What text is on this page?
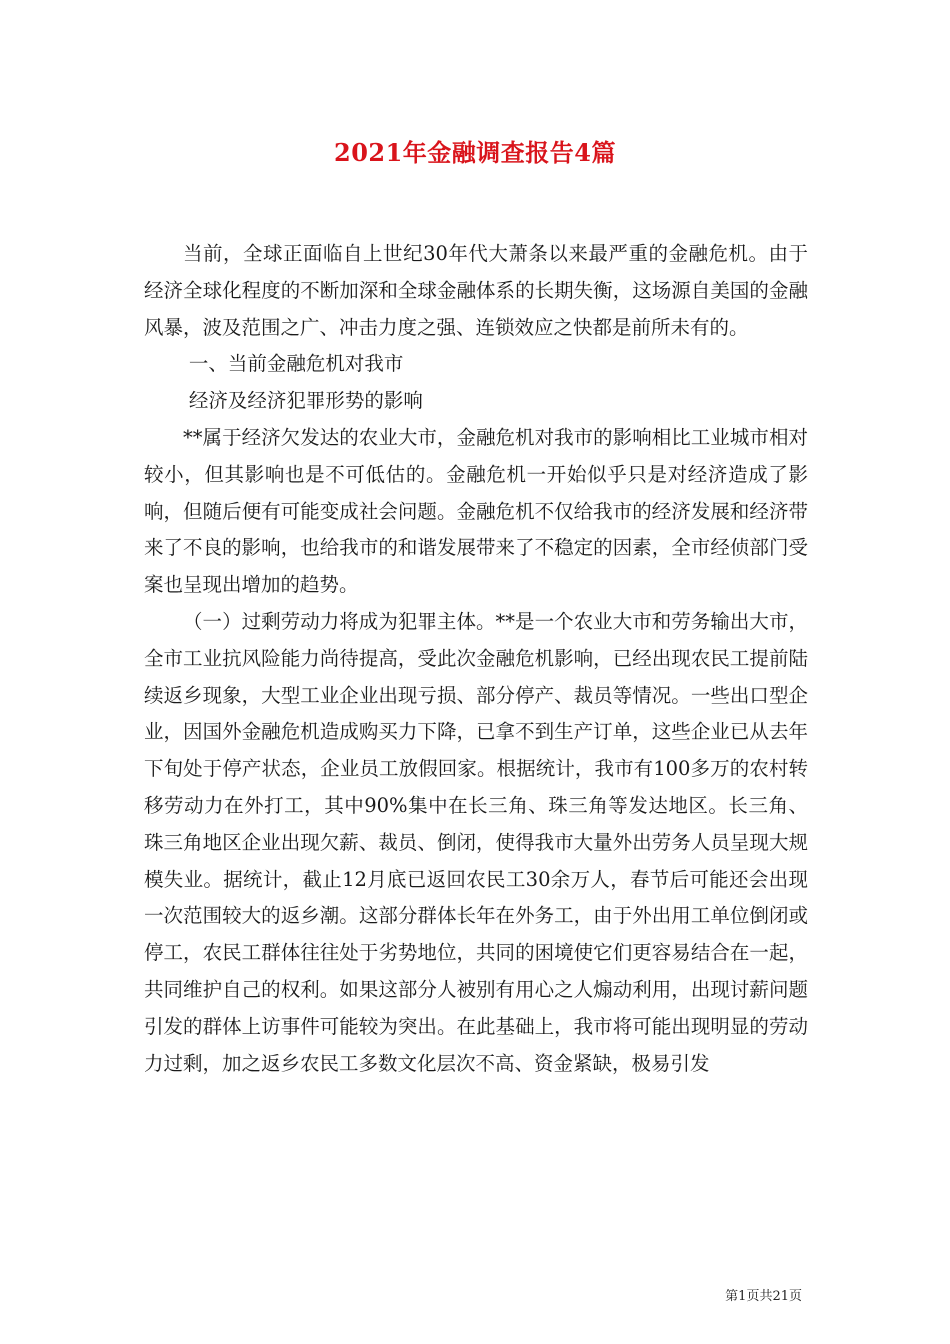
2021年金融调查报告4篇

当前，全球正面临自上世纪30年代大萧条以来最严重的金融危机。由于经济全球化程度的不断加深和全球金融体系的长期失衡，这场源自美国的金融风暴，波及范围之广、冲击力度之强、连锁效应之快都是前所未有的。

一、当前金融危机对我市

经济及经济犯罪形势的影响

**属于经济欠发达的农业大市，金融危机对我市的影响相比工业城市相对较小，但其影响也是不可低估的。金融危机一开始似乎只是对经济造成了影响，但随后便有可能变成社会问题。金融危机不仅给我市的经济发展和经济带来了不良的影响，也给我市的和谐发展带来了不稳定的因素，全市经侦部门受案也呈现出增加的趋势。

（一）过剩劳动力将成为犯罪主体。**是一个农业大市和劳务输出大市，全市工业抗风险能力尚待提高，受此次金融危机影响，已经出现农民工提前陆续返乡现象，大型工业企业出现亏损、部分停产、裁员等情况。一些出口型企业，因国外金融危机造成购买力下降，已拿不到生产订单，这些企业已从去年下旬处于停产状态，企业员工放假回家。根据统计，我市有100多万的农村转移劳动力在外打工，其中90%集中在长三角、珠三角等发达地区。长三角、珠三角地区企业出现欠薪、裁员、倒闭，使得我市大量外出劳务人员呈现大规模失业。据统计，截止12月底已返回农民工30余万人，春节后可能还会出现一次范围较大的返乡潮。这部分群体长年在外务工，由于外出用工单位倒闭或停工，农民工群体往往处于劣势地位，共同的困境使它们更容易结合在一起，共同维护自己的权利。如果这部分人被别有用心之人煽动利用，出现讨薪问题引发的群体上访事件可能较为突出。在此基础上，我市将可能出现明显的劳动力过剩，加之返乡农民工多数文化层次不高、资金紧缺，极易引发

第1页共21页
